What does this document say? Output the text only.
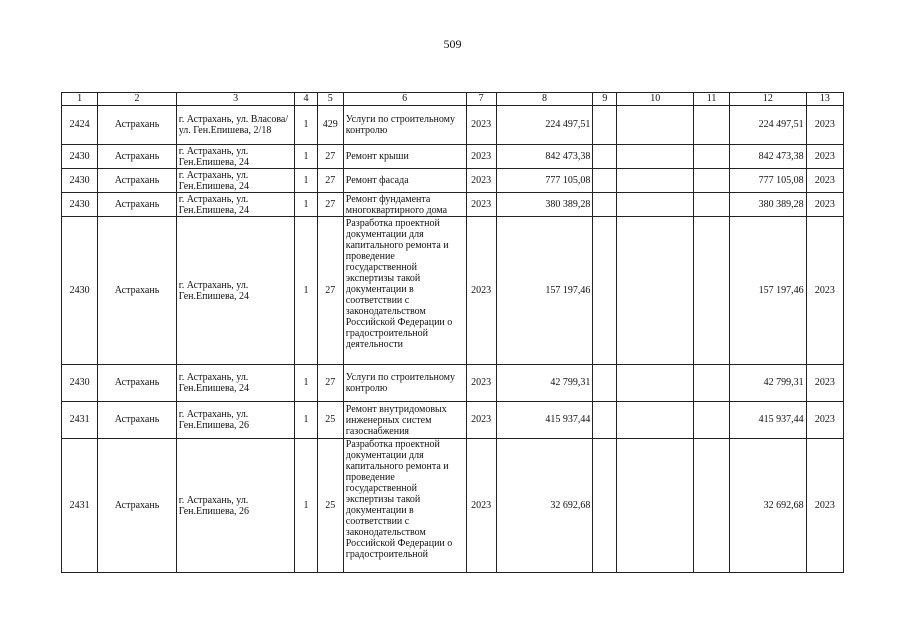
509
1	2	3	4	5	6	7	8	9	10	11	12	13
2424	Астрахань	г. Астрахань, ул. Власова/ ул. Ген.Епишева, 2/18	1	429	Услуги по строительному контролю	2023	224 497,51				224 497,51	2023
2430	Астрахань	г. Астрахань, ул. Ген.Епишева, 24	1	27	Ремонт крыши	2023	842 473,38				842 473,38	2023
2430	Астрахань	г. Астрахань, ул. Ген.Епишева, 24	1	27	Ремонт фасада	2023	777 105,08				777 105,08	2023
2430	Астрахань	г. Астрахань, ул. Ген.Епишева, 24	1	27	Ремонт фундамента многоквартирного дома	2023	380 389,28				380 389,28	2023
2430	Астрахань	г. Астрахань, ул. Ген.Епишева, 24	1	27	Разработка проектной документации для капитального ремонта и проведение государственной экспертизы такой документации в соответствии с законодательством Российской Федерации о градостроительной деятельности	2023	157 197,46				157 197,46	2023
2430	Астрахань	г. Астрахань, ул. Ген.Епишева, 24	1	27	Услуги по строительному контролю	2023	42 799,31				42 799,31	2023
2431	Астрахань	г. Астрахань, ул. Ген.Епишева, 26	1	25	Ремонт внутридомовых инженерных систем газоснабжения	2023	415 937,44				415 937,44	2023
2431	Астрахань	г. Астрахань, ул. Ген.Епишева, 26	1	25	Разработка проектной документации для капитального ремонта и проведение государственной экспертизы такой документации в соответствии с законодательством Российской Федерации о градостроительной	2023	32 692,68				32 692,68	2023
